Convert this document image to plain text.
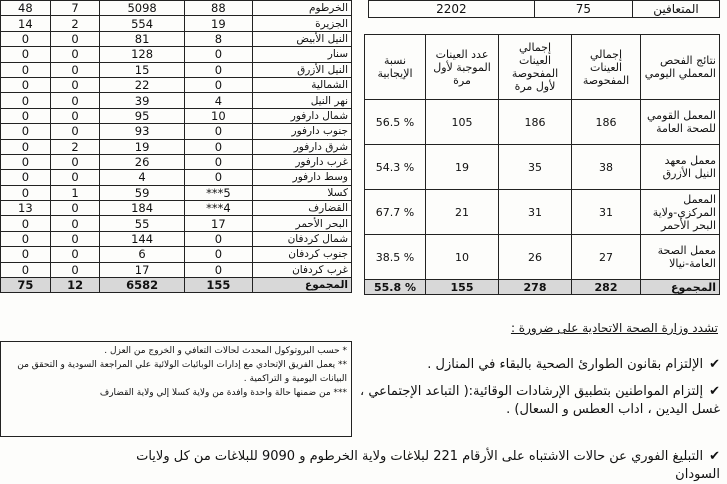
2202	75	المتعافين
48	7	5098	88	الخرطوم
14	2	554	19	الجزيرة
0	0	81	8	النيل الأبيض
0	0	128	0	سنار
0	0	15	0	النيل الأزرق
0	0	22	0	الشمالية
0	0	39	4	نهر النيل
0	0	95	10	شمال دارفور
0	0	93	0	جنوب دارفور
0	2	19	0	شرق دارفور
0	0	26	0	غرب دارفور
0	0	4	0	وسط دارفور
0	1	59	***5	كسلا
13	0	184	***4	القضارف
0	0	55	17	البحر الأحمر
0	0	144	0	شمال كردفان
0	0	6	0	جنوب كردفان
0	0	17	0	غرب كردفان
75	12	6582	155	المجموع

* حسب البروتوكول المحدث لحالات التعافي و الخروج من العزل .

** يعمل الفريق الإتحادي مع إدارات الوبائيات الولائية علي المراجعة السودية و التحقق من البيانات اليومية و التراكمية .

*** من ضمنها حالة واحدة وافدة من ولاية كسلا إلي ولاية القضارف

نسبة الإيجابية	عدد العينات الموجبة لأول مرة	إجمالي العينات المفحوصة لأول مرة	إجمالي العينات المفحوصة	نتائج الفحص المعملي اليومي
56.5 %	105	186	186	المعمل القومي للصحة العامة
54.3 %	19	35	38	معمل معهد النيل الأزرق
67.7 %	21	31	31	المعمل المركزي-ولاية البحر الأحمر
38.5 %	10	26	27	معمل الصحة العامة-نيالا
55.8 %	155	278	282	المجموع
تشدد وزارة الصحة الاتحادية على ضرورة :
✔الإلتزام بقانون الطوارئ الصحية بالبقاء في المنازل .
✔إلتزام المواطنين بتطبيق الإرشادات الوقائية:( التباعد الإجتماعي ، غسل اليدين ، اداب العطس و السعال) .
✔التبليغ الفوري عن حالات الاشتباه على الأرقام 221 لبلاغات ولاية الخرطوم و 9090 للبلاغات من كل ولايات السودان
